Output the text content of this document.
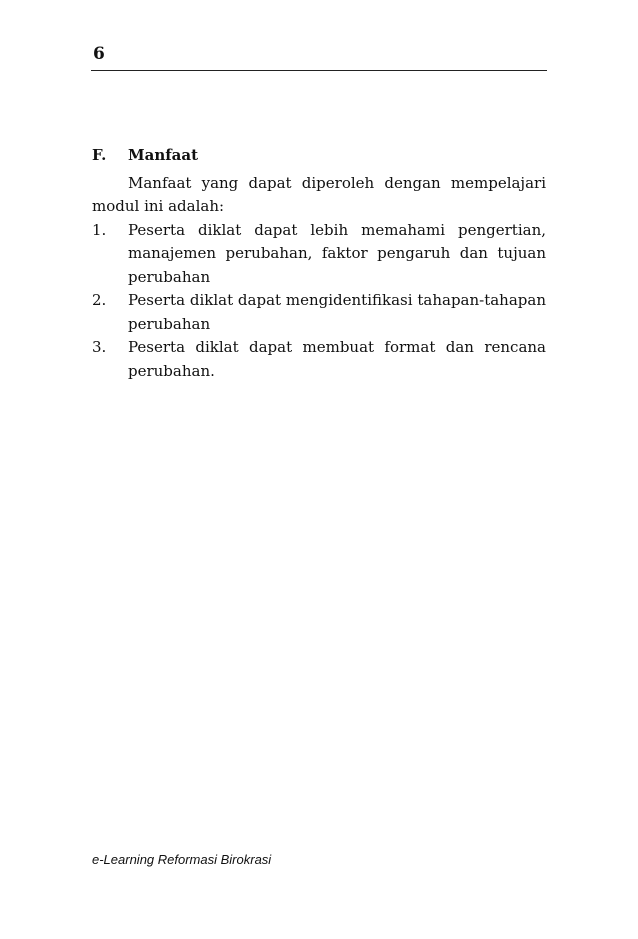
6
F.	Manfaat

Manfaat yang dapat diperoleh dengan mempelajari modul ini adalah:

1.	Peserta diklat dapat lebih memahami pengertian, manajemen perubahan, faktor pengaruh dan tujuan perubahan
2.	Peserta diklat dapat mengidentifikasi tahapan-tahapan perubahan
3.	Peserta diklat dapat membuat format dan rencana perubahan.
e-Learning Reformasi Birokrasi
